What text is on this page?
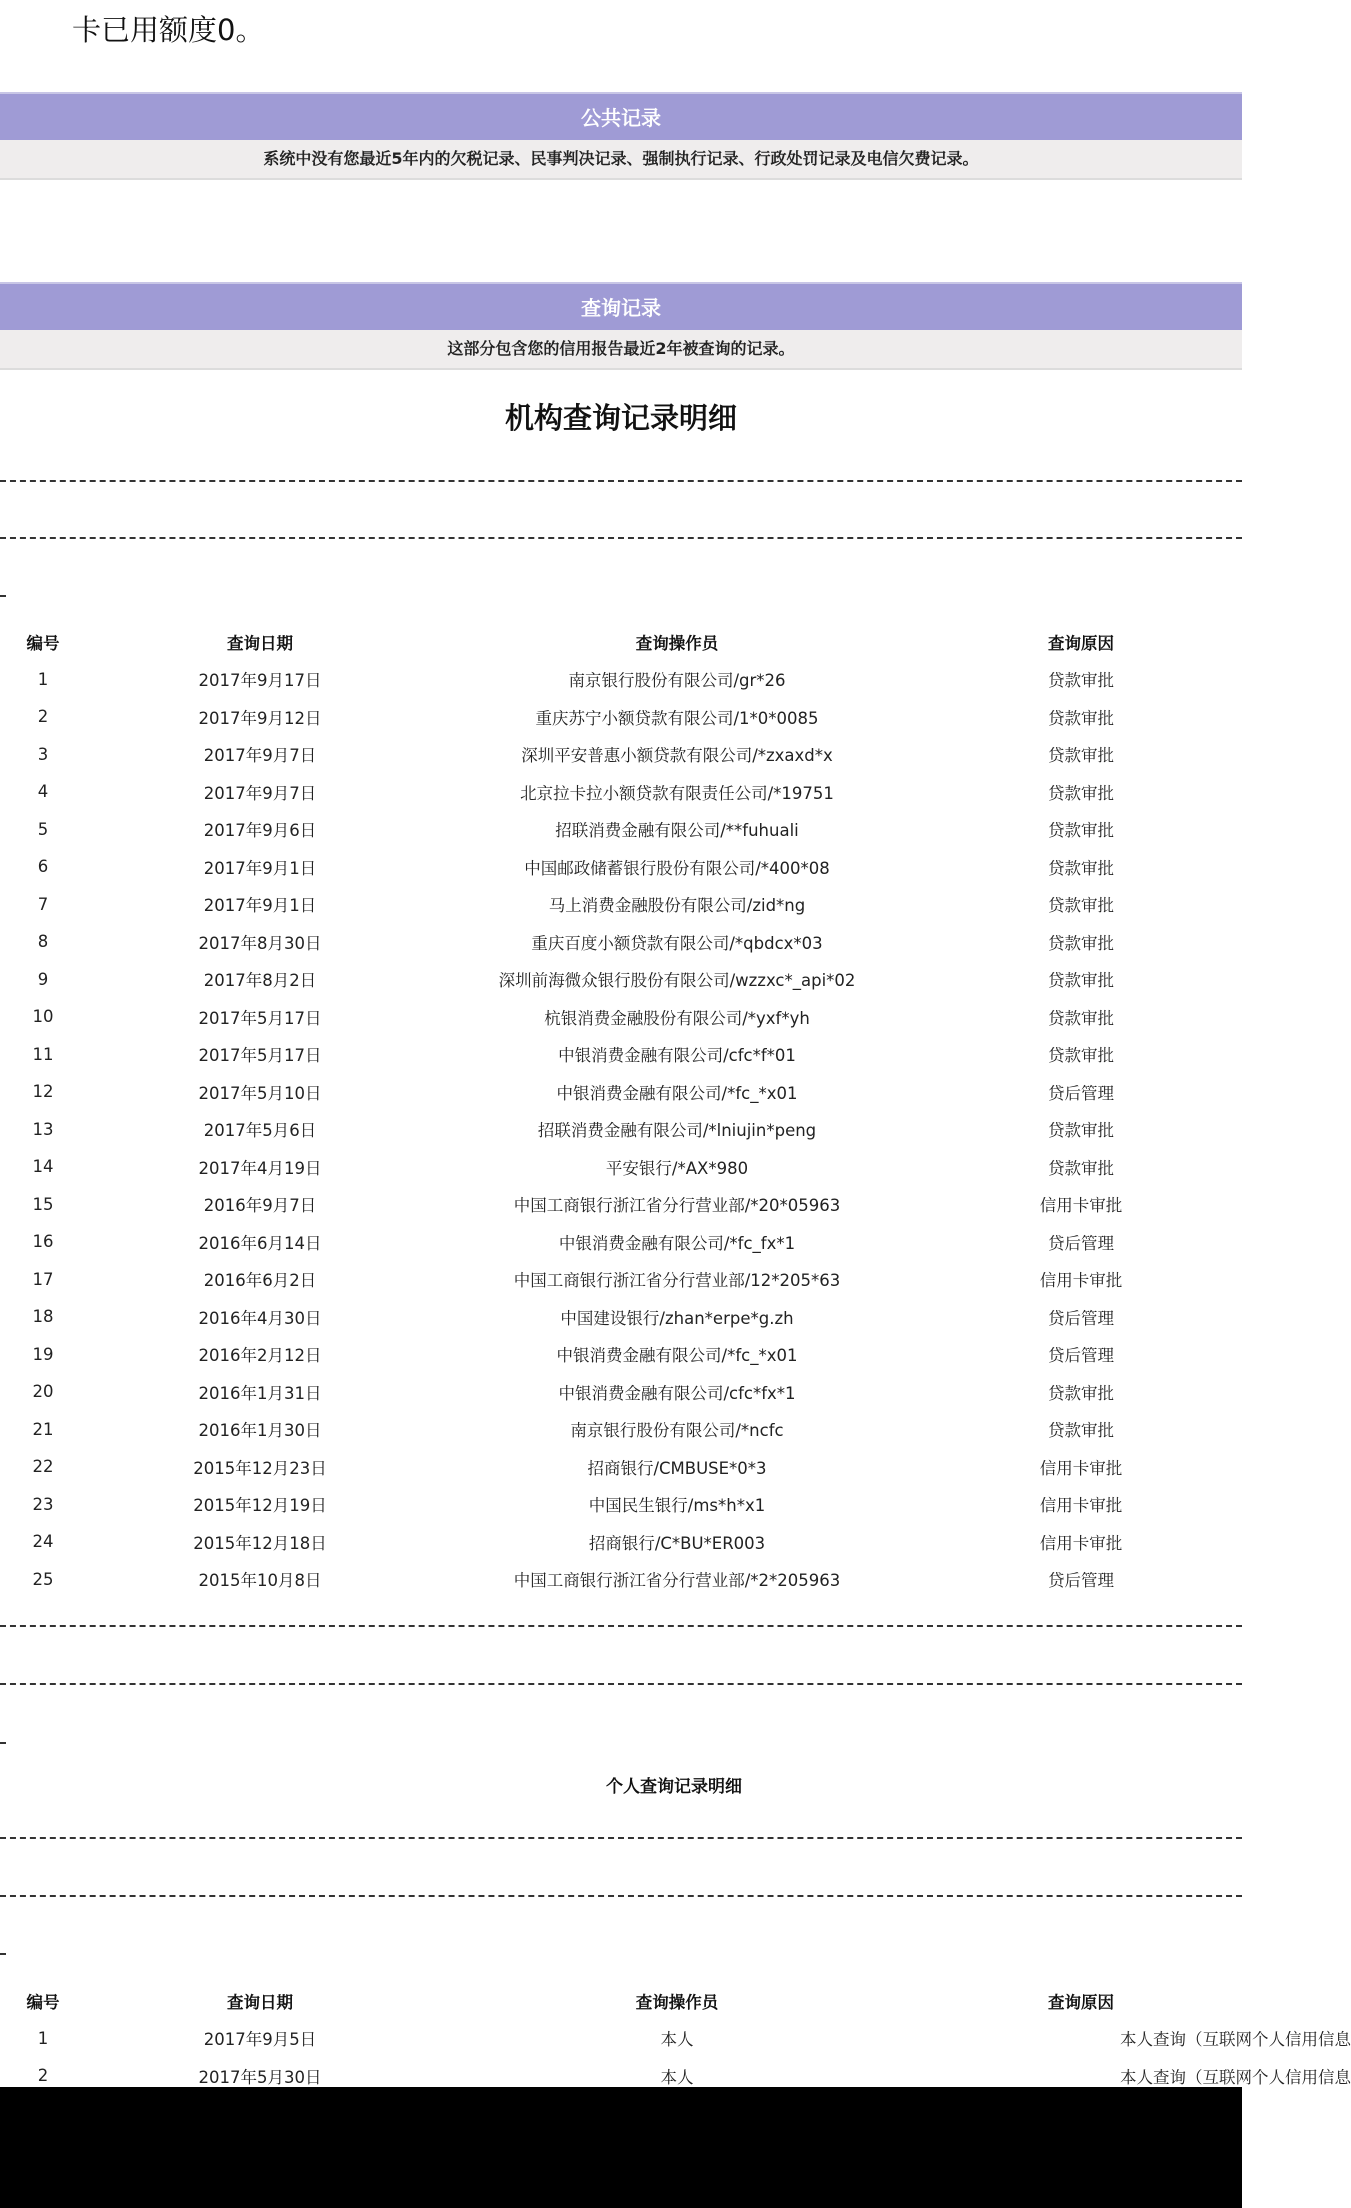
卡已用额度0。
公共记录
系统中没有您最近5年内的欠税记录、民事判决记录、强制执行记录、行政处罚记录及电信欠费记录。
查询记录
这部分包含您的信用报告最近2年被查询的记录。
机构查询记录明细
编号	查询日期	查询操作员	查询原因
1	2017年9月17日	南京银行股份有限公司/gr*26	贷款审批
2	2017年9月12日	重庆苏宁小额贷款有限公司/1*0*0085	贷款审批
3	2017年9月7日	深圳平安普惠小额贷款有限公司/*zxaxd*x	贷款审批
4	2017年9月7日	北京拉卡拉小额贷款有限责任公司/*19751	贷款审批
5	2017年9月6日	招联消费金融有限公司/**fuhuali	贷款审批
6	2017年9月1日	中国邮政储蓄银行股份有限公司/*400*08	贷款审批
7	2017年9月1日	马上消费金融股份有限公司/zid*ng	贷款审批
8	2017年8月30日	重庆百度小额贷款有限公司/*qbdcx*03	贷款审批
9	2017年8月2日	深圳前海微众银行股份有限公司/wzzxc*_api*02	贷款审批
10	2017年5月17日	杭银消费金融股份有限公司/*yxf*yh	贷款审批
11	2017年5月17日	中银消费金融有限公司/cfc*f*01	贷款审批
12	2017年5月10日	中银消费金融有限公司/*fc_*x01	贷后管理
13	2017年5月6日	招联消费金融有限公司/*lniujin*peng	贷款审批
14	2017年4月19日	平安银行/*AX*980	贷款审批
15	2016年9月7日	中国工商银行浙江省分行营业部/*20*05963	信用卡审批
16	2016年6月14日	中银消费金融有限公司/*fc_fx*1	贷后管理
17	2016年6月2日	中国工商银行浙江省分行营业部/12*205*63	信用卡审批
18	2016年4月30日	中国建设银行/zhan*erpe*g.zh	贷后管理
19	2016年2月12日	中银消费金融有限公司/*fc_*x01	贷后管理
20	2016年1月31日	中银消费金融有限公司/cfc*fx*1	贷款审批
21	2016年1月30日	南京银行股份有限公司/*ncfc	贷款审批
22	2015年12月23日	招商银行/CMBUSE*0*3	信用卡审批
23	2015年12月19日	中国民生银行/ms*h*x1	信用卡审批
24	2015年12月18日	招商银行/C*BU*ER003	信用卡审批
25	2015年10月8日	中国工商银行浙江省分行营业部/*2*205963	贷后管理
个人查询记录明细
编号	查询日期	查询操作员	查询原因
1	2017年9月5日	本人	本人查询（互联网个人信用信息
2	2017年5月30日	本人	本人查询（互联网个人信用信息
